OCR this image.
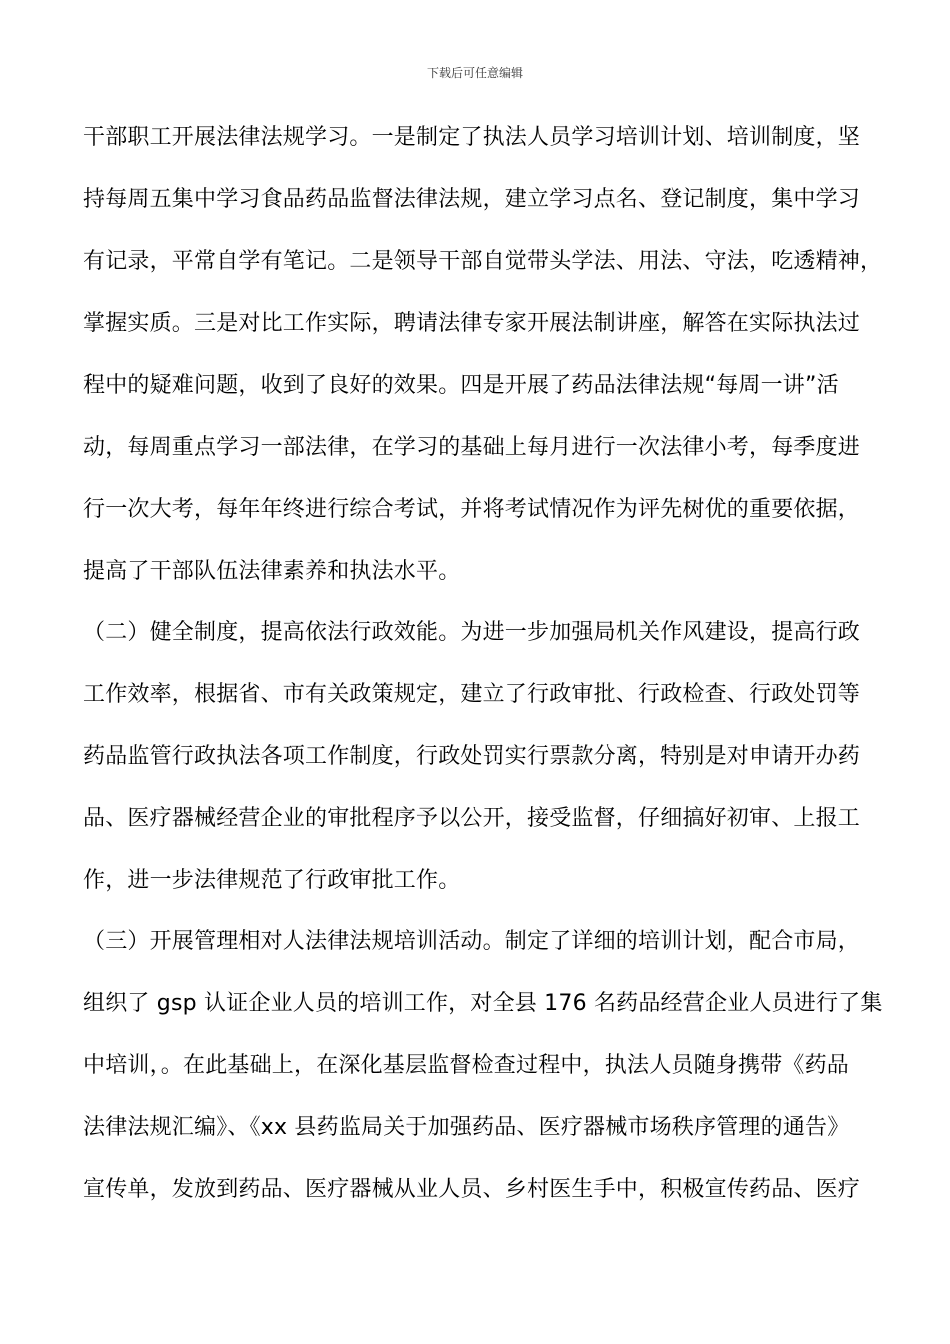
下载后可任意编辑
干部职工开展法律法规学习。一是制定了执法人员学习培训计划、培训制度，坚
持每周五集中学习食品药品监督法律法规，建立学习点名、登记制度，集中学习
有记录，平常自学有笔记。二是领导干部自觉带头学法、用法、守法，吃透精神，
掌握实质。三是对比工作实际，聘请法律专家开展法制讲座，解答在实际执法过
程中的疑难问题，收到了良好的效果。四是开展了药品法律法规“每周一讲”活
动，每周重点学习一部法律，在学习的基础上每月进行一次法律小考，每季度进
行一次大考，每年年终进行综合考试，并将考试情况作为评先树优的重要依据，
提高了干部队伍法律素养和执法水平。
（二）健全制度，提高依法行政效能。为进一步加强局机关作风建设，提高行政
工作效率，根据省、市有关政策规定，建立了行政审批、行政检查、行政处罚等
药品监管行政执法各项工作制度，行政处罚实行票款分离，特别是对申请开办药
品、医疗器械经营企业的审批程序予以公开，接受监督，仔细搞好初审、上报工
作，进一步法律规范了行政审批工作。
（三）开展管理相对人法律法规培训活动。制定了详细的培训计划，配合市局，
组织了 gsp 认证企业人员的培训工作，对全县 176 名药品经营企业人员进行了集
中培训，。在此基础上，在深化基层监督检查过程中，执法人员随身携带《药品
法律法规汇编》、《xx 县药监局关于加强药品、医疗器械市场秩序管理的通告》
宣传单，发放到药品、医疗器械从业人员、乡村医生手中，积极宣传药品、医疗
